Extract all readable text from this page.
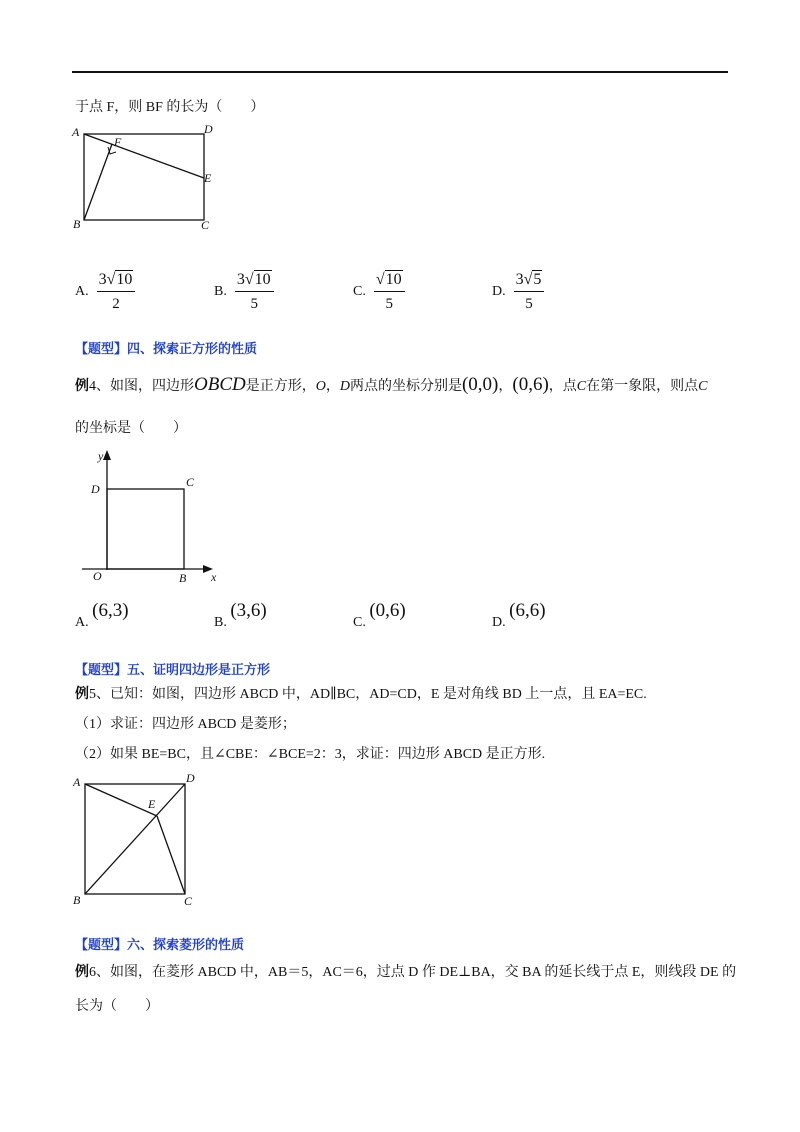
于点 F，则 BF 的长为（　　）
A	D
F
E
B	C
A. $\frac{3√10}{2}$	B. $\frac{3√10}{5}$	C. $\frac{√10}{5}$	D. $\frac{3√5}{5}$
【题型】四、探索正方形的性质
例4、如图，四边形OBCD是正方形，O，D两点的坐标分别是(0,0)，(0,6)，点C在第一象限，则点C
的坐标是（　　）
y
D	C
O	B x
A. (6,3)
B. (3,6)
C. (0,6)
D. (6,6)
【题型】五、证明四边形是正方形
例5、已知：如图，四边形 ABCD 中，AD∥BC，AD=CD，E 是对角线 BD 上一点，且 EA=EC.
（1）求证：四边形 ABCD 是菱形；
（2）如果 BE=BC，且∠CBE：∠BCE=2：3，求证：四边形 ABCD 是正方形.
A	D
E
B	C
【题型】六、探索菱形的性质
例6、如图，在菱形 ABCD 中，AB＝5，AC＝6，过点 D 作 DE⊥BA，交 BA 的延长线于点 E，则线段 DE 的
长为（　　）
